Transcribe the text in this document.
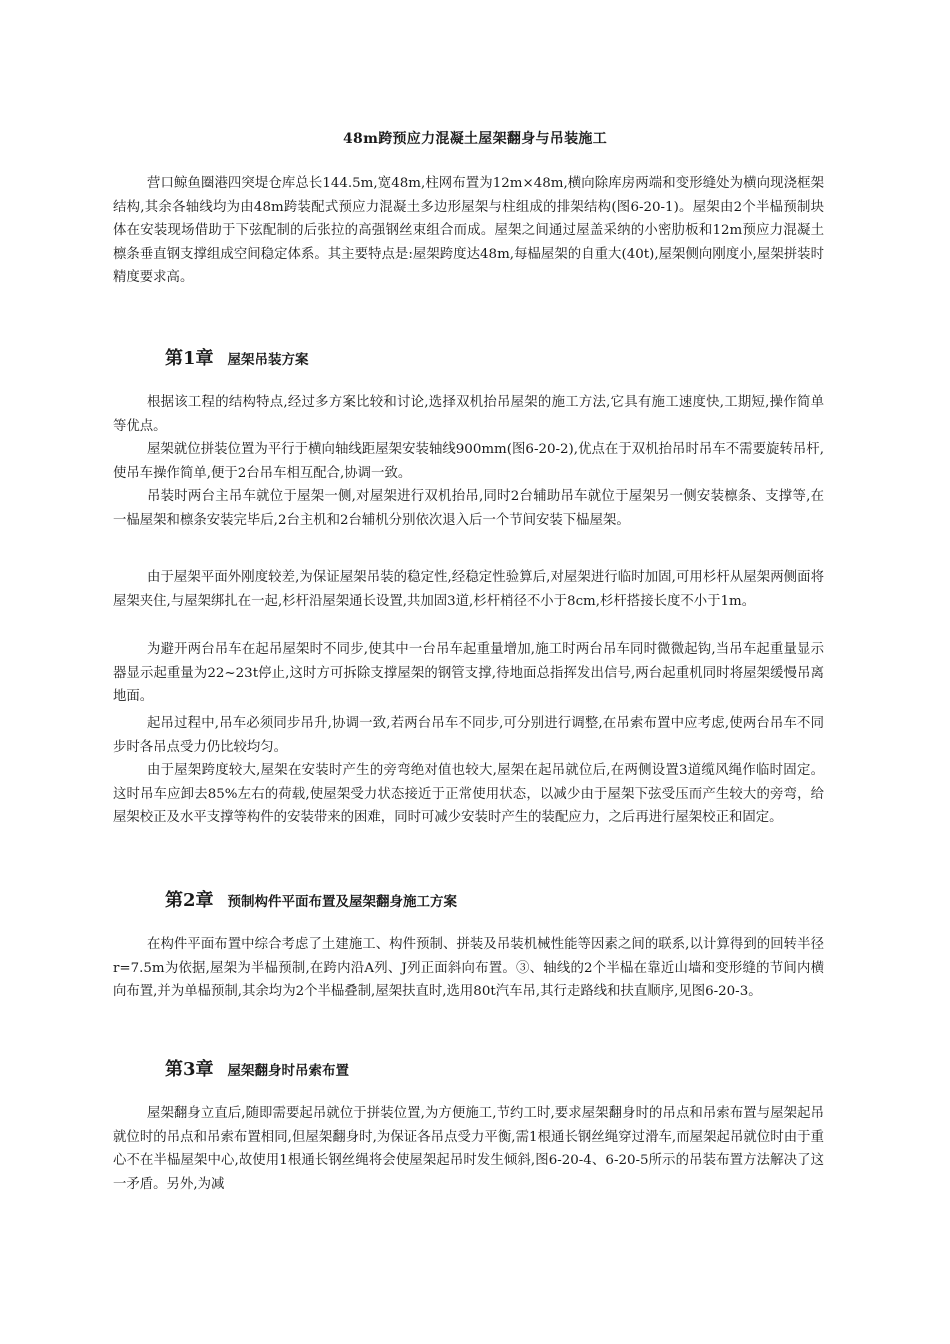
48m跨预应力混凝土屋架翻身与吊装施工

营口鲸鱼圈港四突堤仓库总长144.5m,宽48m,柱网布置为12m×48m,横向除库房两端和变形缝处为横向现浇框架结构,其余各轴线均为由48m跨装配式预应力混凝土多边形屋架与柱组成的排架结构(图6-20-1)。屋架由2个半榀预制块体在安装现场借助于下弦配制的后张拉的高强钢丝束组合而成。屋架之间通过屋盖采纳的小密肋板和12m预应力混凝土檩条垂直钢支撑组成空间稳定体系。其主要特点是:屋架跨度达48m,每榀屋架的自重大(40t),屋架侧向刚度小,屋架拼装时精度要求高。

第1章 屋架吊装方案

根据该工程的结构特点,经过多方案比较和讨论,选择双机抬吊屋架的施工方法,它具有施工速度快,工期短,操作简单等优点。

屋架就位拼装位置为平行于横向轴线距屋架安装轴线900mm(图6-20-2),优点在于双机抬吊时吊车不需要旋转吊杆,使吊车操作简单,便于2台吊车相互配合,协调一致。

吊装时两台主吊车就位于屋架一侧,对屋架进行双机抬吊,同时2台辅助吊车就位于屋架另一侧安装檩条、支撑等,在一榀屋架和檩条安装完毕后,2台主机和2台辅机分别依次退入后一个节间安装下榀屋架。

由于屋架平面外刚度较差,为保证屋架吊装的稳定性,经稳定性验算后,对屋架进行临时加固,可用杉杆从屋架两侧面将屋架夹住,与屋架绑扎在一起,杉杆沿屋架通长设置,共加固3道,杉杆梢径不小于8cm,杉杆搭接长度不小于1m。

为避开两台吊车在起吊屋架时不同步,使其中一台吊车起重量增加,施工时两台吊车同时微微起钩,当吊车起重量显示器显示起重量为22~23t停止,这时方可拆除支撑屋架的钢管支撑,待地面总指挥发出信号,两台起重机同时将屋架缓慢吊离地面。

起吊过程中,吊车必须同步吊升,协调一致,若两台吊车不同步,可分别进行调整,在吊索布置中应考虑,使两台吊车不同步时各吊点受力仍比较均匀。

由于屋架跨度较大,屋架在安装时产生的旁弯绝对值也较大,屋架在起吊就位后,在两侧设置3道缆风绳作临时固定。这时吊车应卸去85%左右的荷载,使屋架受力状态接近于正常使用状态，以减少由于屋架下弦受压而产生较大的旁弯，给屋架校正及水平支撑等构件的安装带来的困难，同时可减少安装时产生的装配应力，之后再进行屋架校正和固定。

第2章 预制构件平面布置及屋架翻身施工方案

在构件平面布置中综合考虑了土建施工、构件预制、拼装及吊装机械性能等因素之间的联系,以计算得到的回转半径r=7.5m为依据,屋架为半榀预制,在跨内沿A列、J列正面斜向布置。③、轴线的2个半榀在靠近山墙和变形缝的节间内横向布置,并为单榀预制,其余均为2个半榀叠制,屋架扶直时,选用80t汽车吊,其行走路线和扶直顺序,见图6-20-3。

第3章 屋架翻身时吊索布置

屋架翻身立直后,随即需要起吊就位于拼装位置,为方便施工,节约工时,要求屋架翻身时的吊点和吊索布置与屋架起吊就位时的吊点和吊索布置相同,但屋架翻身时,为保证各吊点受力平衡,需1根通长钢丝绳穿过滑车,而屋架起吊就位时由于重心不在半榀屋架中心,故使用1根通长钢丝绳将会使屋架起吊时发生倾斜,图6-20-4、6-20-5所示的吊装布置方法解决了这一矛盾。另外,为减
